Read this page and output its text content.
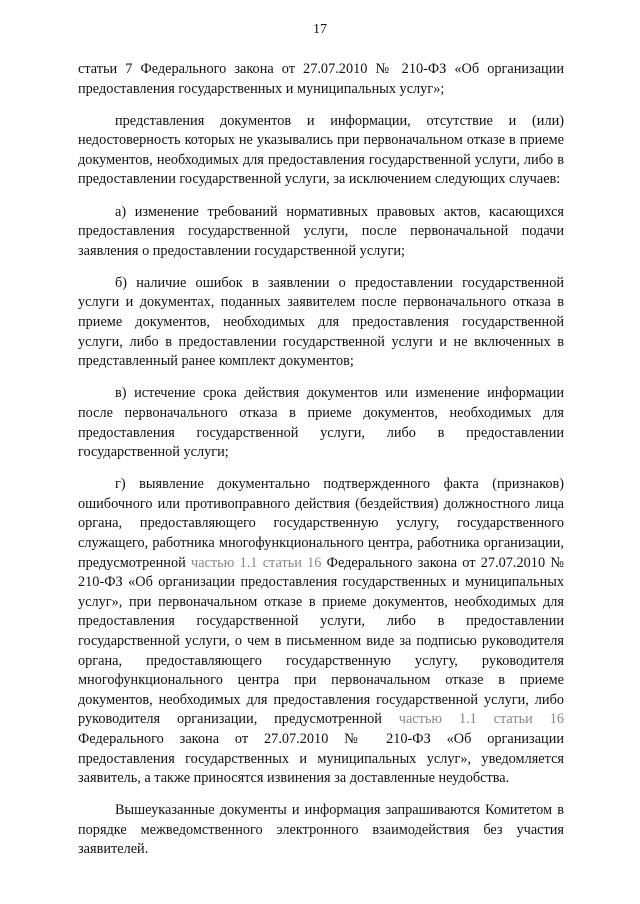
17

статьи 7 Федерального закона от 27.07.2010 № 210-ФЗ «Об организации предоставления государственных и муниципальных услуг»;

представления документов и информации, отсутствие и (или) недостоверность которых не указывались при первоначальном отказе в приеме документов, необходимых для предоставления государственной услуги, либо в предоставлении государственной услуги, за исключением следующих случаев:

а) изменение требований нормативных правовых актов, касающихся предоставления государственной услуги, после первоначальной подачи заявления о предоставлении государственной услуги;

б) наличие ошибок в заявлении о предоставлении государственной услуги и документах, поданных заявителем после первоначального отказа в приеме документов, необходимых для предоставления государственной услуги, либо в предоставлении государственной услуги и не включенных в представленный ранее комплект документов;

в) истечение срока действия документов или изменение информации после первоначального отказа в приеме документов, необходимых для предоставления государственной услуги, либо в предоставлении государственной услуги;

г) выявление документально подтвержденного факта (признаков) ошибочного или противоправного действия (бездействия) должностного лица органа, предоставляющего государственную услугу, государственного служащего, работника многофункционального центра, работника организации, предусмотренной частью 1.1 статьи 16 Федерального закона от 27.07.2010 № 210-ФЗ «Об организации предоставления государственных и муниципальных услуг», при первоначальном отказе в приеме документов, необходимых для предоставления государственной услуги, либо в предоставлении государственной услуги, о чем в письменном виде за подписью руководителя органа, предоставляющего государственную услугу, руководителя многофункционального центра при первоначальном отказе в приеме документов, необходимых для предоставления государственной услуги, либо руководителя организации, предусмотренной частью 1.1 статьи 16 Федерального закона от 27.07.2010 № 210-ФЗ «Об организации предоставления государственных и муниципальных услуг», уведомляется заявитель, а также приносятся извинения за доставленные неудобства.

Вышеуказанные документы и информация запрашиваются Комитетом в порядке межведомственного электронного взаимодействия без участия заявителей.
